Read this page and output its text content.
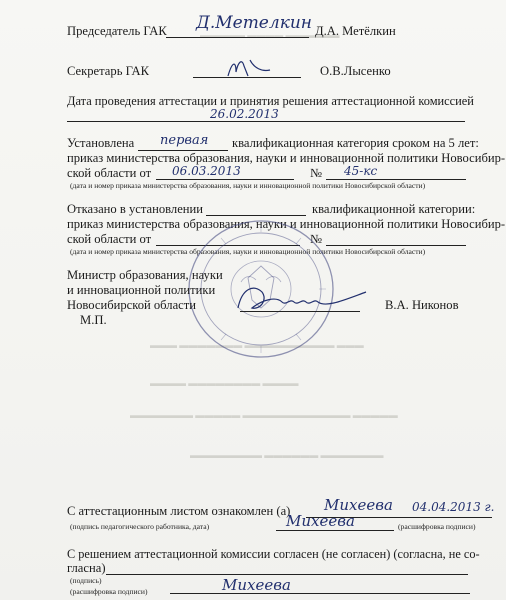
▬▬▬▬▬ ▬▬▬▬ ▬▬▬▬▬▬
▬▬▬ ▬▬▬▬▬▬▬ ▬▬▬▬▬▬▬▬▬▬ ▬▬▬
▬▬▬▬ ▬▬▬▬▬▬▬▬ ▬▬▬▬
▬▬▬▬▬▬▬ ▬▬▬▬▬ ▬▬▬▬▬▬▬▬▬▬▬▬ ▬▬▬▬▬
▬▬▬▬▬▬▬▬ ▬▬▬▬▬▬ ▬▬▬▬▬▬▬
Председатель ГАК Д.Метелкин Д.А. Метёлкин
Секретарь ГАК	О.В.Лысенко
Дата проведения аттестации и принятия решения аттестационной комиссией
26.02.2013
Установлена первая квалификационная категория сроком на 5 лет:
приказ министерства образования, науки и инновационной политики Новосибир-
ской области от 06.03.2013	№ 45-кс
(дата и номер приказа министерства образования, науки и инновационной политики Новосибирской области)
Отказано в установлении	квалификационной категории:
приказ министерства образования, науки и инновационной политики Новосибир-
ской области от	№
(дата и номер приказа министерства образования, науки и инновационной политики Новосибирской области)
Министр образования, науки
и инновационной политики
Новосибирской области	В.А. Никонов
М.П.
С аттестационным листом ознакомлен (а) Михеева 04.04.2013 г.
(подпись педагогического работника, дата)	Михеева	(расшифровка подписи)
С решением аттестационной комиссии согласен (не согласен) (согласна, не со-
гласна)
(подпись)	Михеева
(расшифровка подписи)
